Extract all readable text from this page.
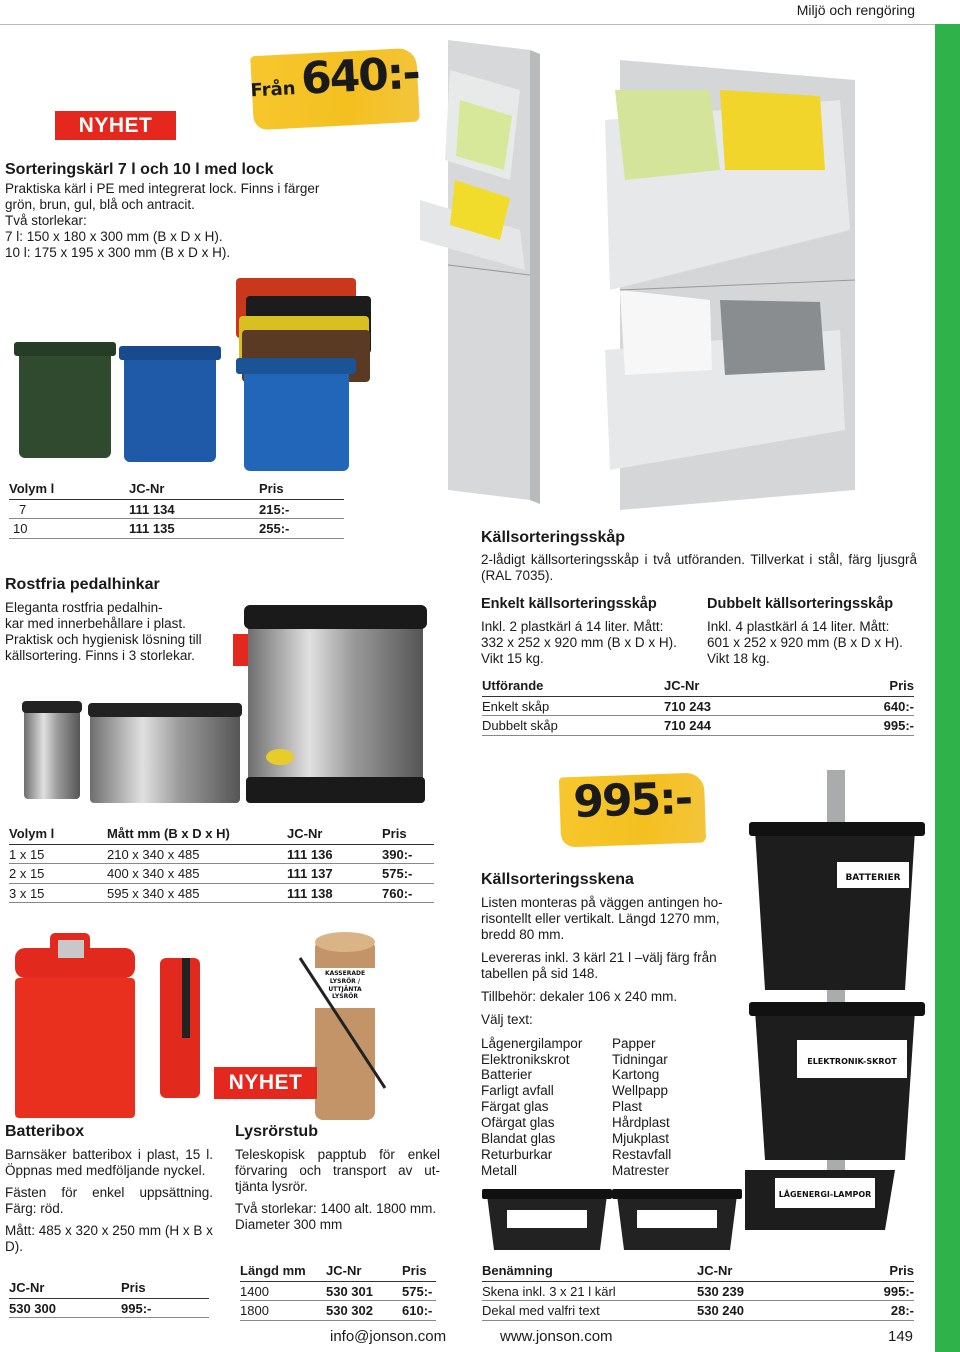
Miljö och rengöring
NYHET
Från 640:-
Sorteringskärl 7 l och 10 l med lock

Praktiska kärl i PE med integrerat lock. Finns i färger

grön, brun, gul, blå och antracit.

Två storlekar:

7 l: 150 x 180 x 300 mm (B x D x H).

10 l: 175 x 195 x 300 mm (B x D x H).

Volym l	JC-Nr	Pris
7	111 134	215:-
10	111 135	255:-
Rostfria pedalhinkar

Eleganta rostfria pedalhin-

kar med innerbehållare i plast.

Praktisk och hygienisk lösning till

källsortering. Finns i 3 storlekar.

Volym l	Mått mm (B x D x H)	JC-Nr	Pris
1 x 15	210 x 340 x 485	111 136	390:-
2 x 15	400 x 340 x 485	111 137	575:-
3 x 15	595 x 340 x 485	111 138	760:-
Källsorteringsskåp

2-lådigt källsorteringsskåp i två utföranden. Tillverkat i stål, färg ljusgrå (RAL 7035).

Enkelt källsorteringsskåp

Inkl. 2 plastkärl á 14 liter. Mått:

332 x 252 x 920 mm (B x D x H).

Vikt 15 kg.

Dubbelt källsorteringsskåp

Inkl. 4 plastkärl á 14 liter. Mått:

601 x 252 x 920 mm (B x D x H).

Vikt 18 kg.

Utförande	JC-Nr	Pris
Enkelt skåp	710 243	640:-
Dubbelt skåp	710 244	995:-
995:-
Källsorteringsskena

Listen monteras på väggen antingen ho-risontellt eller vertikalt. Längd 1270 mm, bredd 80 mm.

Levereras inkl. 3 kärl 21 l –välj färg från tabellen på sid 148.

Tillbehör: dekaler 106 x 240 mm.

Välj text:

Lågenergilampor

Elektronikskrot

Batterier

Farligt avfall

Färgat glas

Ofärgat glas

Blandat glas

Returburkar

Metall

Papper

Tidningar

Kartong

Wellpapp

Plast

Hårdplast

Mjukplast

Restavfall

Matrester

BATTERIER
ELEKTRONIK-SKROT
LÅGENERGI-LAMPOR
KASSERADE LYSRÖR / UTTJÄNTA LYSRÖR
NYHET
Batteribox

Barnsäker batteribox i plast, 15 l. Öppnas med medföljande nyckel.

Fästen för enkel uppsättning. Färg: röd.

Mått: 485 x 320 x 250 mm (H x B x D).

JC-Nr	Pris
530 300	995:-
Lysrörstub

Teleskopisk papptub för enkel förvaring och transport av ut-tjänta lysrör.

Två storlekar: 1400 alt. 1800 mm. Diameter 300 mm

Längd mm	JC-Nr	Pris
1400	530 301	575:-
1800	530 302	610:-
Benämning	JC-Nr	Pris
Skena inkl. 3 x 21 l kärl	530 239	995:-
Dekal med valfri text	530 240	28:-
info@jonson.com	www.jonson.com	149
